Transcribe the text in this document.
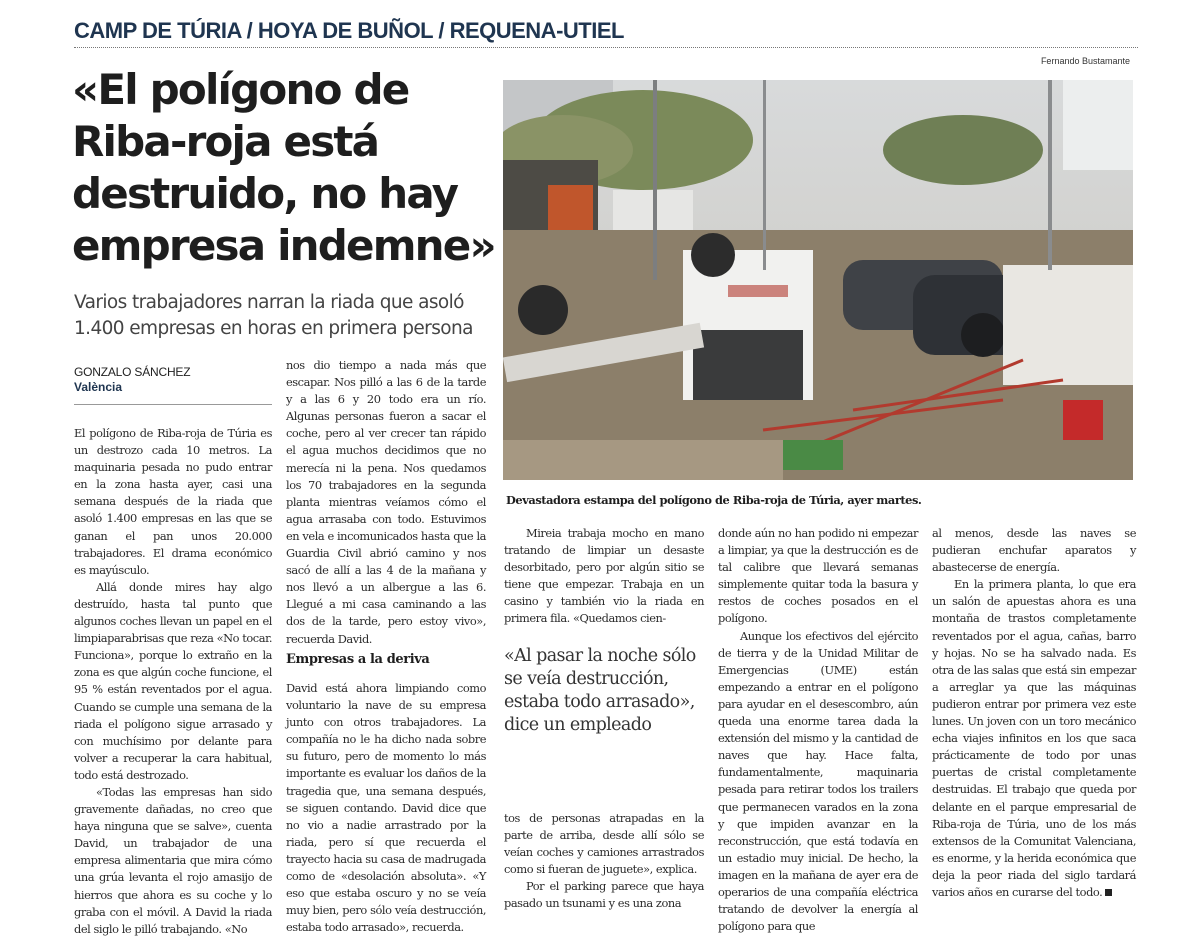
CAMP DE TÚRIA / HOYA DE BUÑOL / REQUENA-UTIEL
«El polígono de Riba-roja está destruido, no hay empresa indemne»
Varios trabajadores narran la riada que asoló 1.400 empresas en horas en primera persona
GONZALO SÁNCHEZ
València

El polígono de Riba-roja de Túria es un destrozo cada 10 metros. La maquinaria pesada no pudo entrar en la zona hasta ayer, casi una semana después de la riada que asoló 1.400 empresas en las que se ganan el pan unos 20.000 trabajadores. El drama económico es mayúsculo.

Allá donde mires hay algo destruído, hasta tal punto que algunos coches llevan un papel en el limpiaparabrisas que reza «No tocar. Funciona», porque lo extraño en la zona es que algún coche funcione, el 95 % están reventados por el agua. Cuando se cumple una semana de la riada el polígono sigue arrasado y con muchísimo por delante para volver a recuperar la cara habitual, todo está destrozado.

«Todas las empresas han sido gravemente dañadas, no creo que haya ninguna que se salve», cuenta David, un trabajador de una empresa alimentaria que mira cómo una grúa levanta el rojo amasijo de hierros que ahora es su coche y lo graba con el móvil. A David la riada del siglo le pilló trabajando. «No

nos dio tiempo a nada más que escapar. Nos pilló a las 6 de la tarde y a las 6 y 20 todo era un río. Algunas personas fueron a sacar el coche, pero al ver crecer tan rápido el agua muchos decidimos que no merecía ni la pena. Nos quedamos los 70 trabajadores en la segunda planta mientras veíamos cómo el agua arrasaba con todo. Estuvimos en vela e incomunicados hasta que la Guardia Civil abrió camino y nos sacó de allí a las 4 de la mañana y nos llevó a un albergue a las 6. Llegué a mi casa caminando a las dos de la tarde, pero estoy vivo», recuerda David.

Empresas a la deriva

David está ahora limpiando como voluntario la nave de su empresa junto con otros trabajadores. La compañía no le ha dicho nada sobre su futuro, pero de momento lo más importante es evaluar los daños de la tragedia que, una semana después, se siguen contando. David dice que no vio a nadie arrastrado por la riada, pero sí que recuerda el trayecto hacia su casa de madrugada como de «desolación absoluta». «Y eso que estaba oscuro y no se veía muy bien, pero sólo veía destrucción, estaba todo arrasado», recuerda.

Fernando Bustamante
Devastadora estampa del polígono de Riba-roja de Túria, ayer martes.

Mireia trabaja mocho en mano tratando de limpiar un desaste desorbitado, pero por algún sitio se tiene que empezar. Trabaja en un casino y también vio la riada en primera fila. «Quedamos cien-

«Al pasar la noche sólo se veía destrucción, estaba todo arrasado», dice un empleado

tos de personas atrapadas en la parte de arriba, desde allí sólo se veían coches y camiones arrastrados como si fueran de juguete», explica.

Por el parking parece que haya pasado un tsunami y es una zona

donde aún no han podido ni empezar a limpiar, ya que la destrucción es de tal calibre que llevará semanas simplemente quitar toda la basura y restos de coches posados en el polígono.

Aunque los efectivos del ejército de tierra y de la Unidad Militar de Emergencias (UME) están empezando a entrar en el polígono para ayudar en el desescombro, aún queda una enorme tarea dada la extensión del mismo y la cantidad de naves que hay. Hace falta, fundamentalmente, maquinaria pesada para retirar todos los trailers que permanecen varados en la zona y que impiden avanzar en la reconstrucción, que está todavía en un estadio muy inicial. De hecho, la imagen en la mañana de ayer era de operarios de una compañía eléctrica tratando de devolver la energía al polígono para que

al menos, desde las naves se pudieran enchufar aparatos y abastecerse de energía.

En la primera planta, lo que era un salón de apuestas ahora es una montaña de trastos completamente reventados por el agua, cañas, barro y hojas. No se ha salvado nada. Es otra de las salas que está sin empezar a arreglar ya que las máquinas pudieron entrar por primera vez este lunes. Un joven con un toro mecánico echa viajes infinitos en los que saca prácticamente de todo por unas puertas de cristal completamente destruidas. El trabajo que queda por delante en el parque empresarial de Riba-roja de Túria, uno de los más extensos de la Comunitat Valenciana, es enorme, y la herida económica que deja la peor riada del siglo tardará varios años en curarse del todo.
